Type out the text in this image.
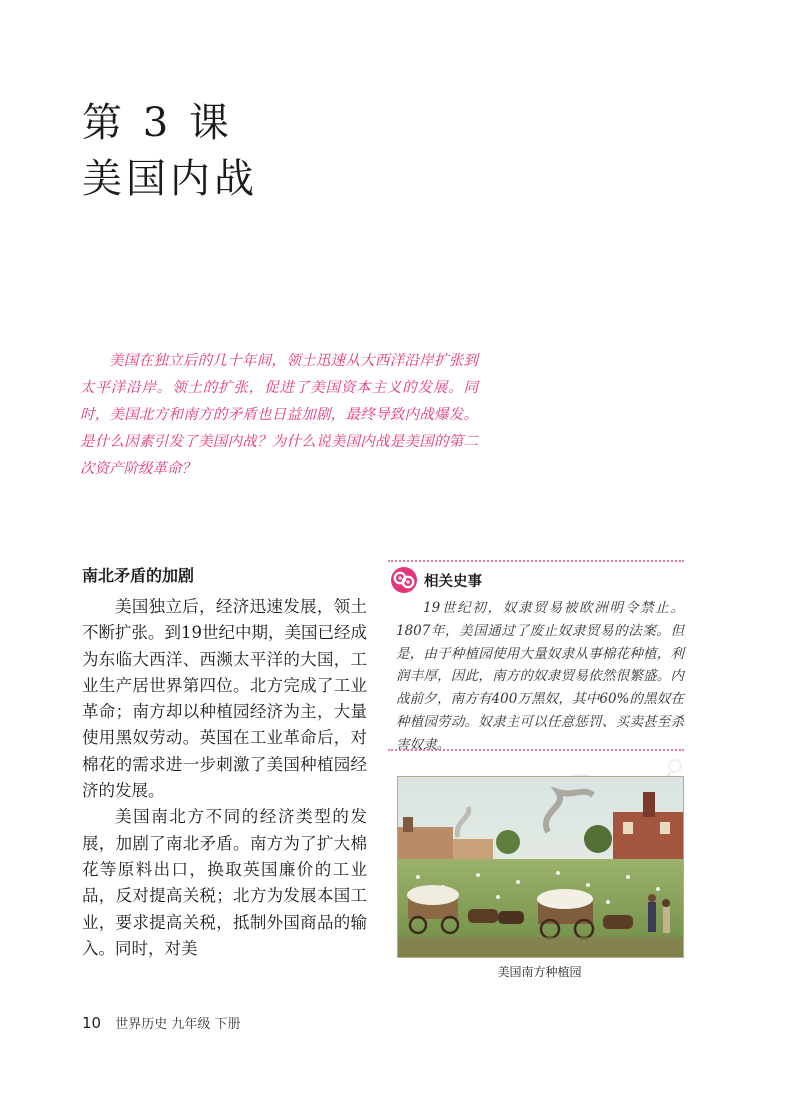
第 3 课
美国内战

美国在独立后的几十年间，领土迅速从大西洋沿岸扩张到太平洋沿岸。领土的扩张，促进了美国资本主义的发展。同时，美国北方和南方的矛盾也日益加剧，最终导致内战爆发。是什么因素引发了美国内战？为什么说美国内战是美国的第二次资产阶级革命？

南北矛盾的加剧

美国独立后，经济迅速发展，领土不断扩张。到19世纪中期，美国已经成为东临大西洋、西濒太平洋的大国，工业生产居世界第四位。北方完成了工业革命；南方却以种植园经济为主，大量使用黑奴劳动。英国在工业革命后，对棉花的需求进一步刺激了美国种植园经济的发展。

美国南北方不同的经济类型的发展，加剧了南北矛盾。南方为了扩大棉花等原料出口，换取英国廉价的工业品，反对提高关税；北方为发展本国工业，要求提高关税，抵制外国商品的输入。同时，对美

相关史事

19世纪初，奴隶贸易被欧洲明令禁止。1807年，美国通过了废止奴隶贸易的法案。但是，由于种植园使用大量奴隶从事棉花种植，利润丰厚，因此，南方的奴隶贸易依然很繁盛。内战前夕，南方有400万黑奴，其中60%的黑奴在种植园劳动。奴隶主可以任意惩罚、买卖甚至杀害奴隶。

美国南方种植园

10 世界历史 九年级 下册
